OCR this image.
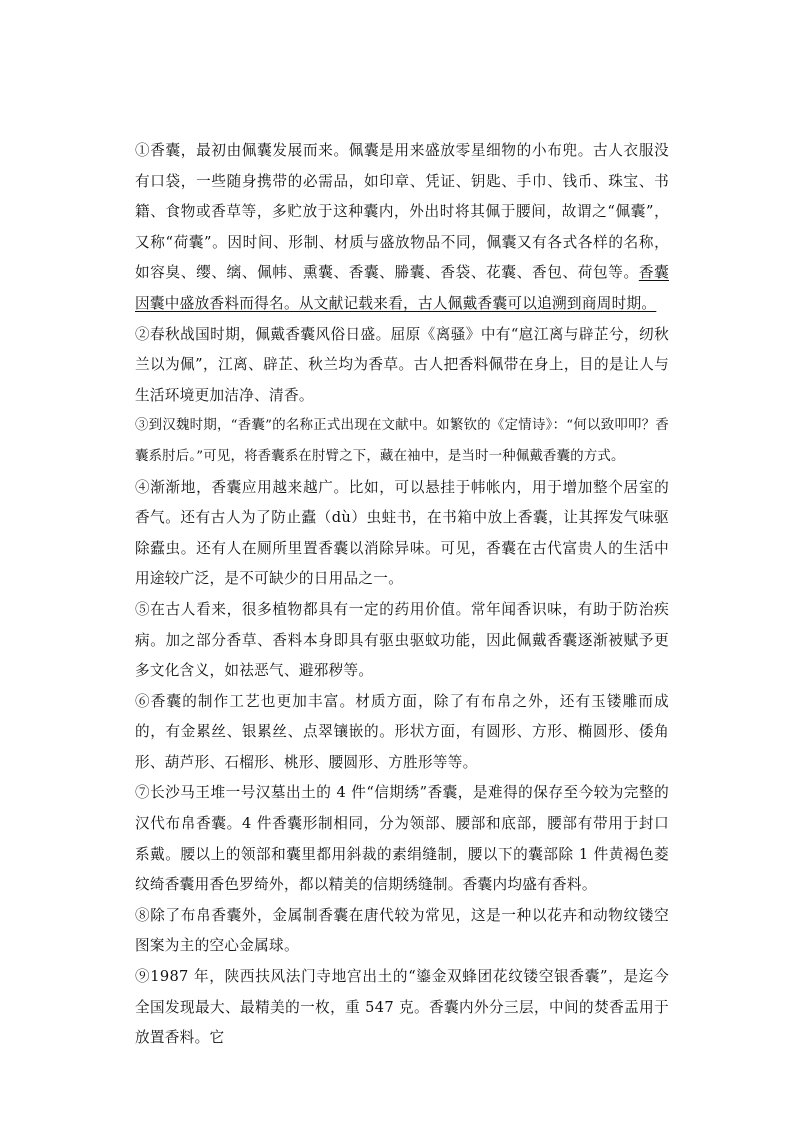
①香囊，最初由佩囊发展而来。佩囊是用来盛放零星细物的小布兜。古人衣服没有口袋，一些随身携带的必需品，如印章、凭证、钥匙、手巾、钱币、珠宝、书籍、食物或香草等，多贮放于这种囊内，外出时将其佩于腰间，故谓之“佩囊”，又称“荷囊”。因时间、形制、材质与盛放物品不同，佩囊又有各式各样的名称，如容臭、缨、缡、佩帏、熏囊、香囊、幐囊、香袋、花囊、香包、荷包等。香囊因囊中盛放香料而得名。从文献记载来看，古人佩戴香囊可以追溯到商周时期。

②春秋战国时期，佩戴香囊风俗日盛。屈原《离骚》中有“扈江离与辟芷兮，纫秋兰以为佩”，江离、辟芷、秋兰均为香草。古人把香料佩带在身上，目的是让人与生活环境更加洁净、清香。

③到汉魏时期，“香囊”的名称正式出现在文献中。如繁钦的《定情诗》：“何以致叩叩？香囊系肘后。”可见，将香囊系在肘臂之下，藏在袖中，是当时一种佩戴香囊的方式。

④渐渐地，香囊应用越来越广。比如，可以悬挂于帏帐内，用于增加整个居室的香气。还有古人为了防止蠹（dù）虫蛀书，在书箱中放上香囊，让其挥发气味驱除蠹虫。还有人在厕所里置香囊以消除异味。可见，香囊在古代富贵人的生活中用途较广泛，是不可缺少的日用品之一。

⑤在古人看来，很多植物都具有一定的药用价值。常年闻香识味，有助于防治疾病。加之部分香草、香料本身即具有驱虫驱蚊功能，因此佩戴香囊逐渐被赋予更多文化含义，如祛恶气、避邪秽等。

⑥香囊的制作工艺也更加丰富。材质方面，除了有布帛之外，还有玉镂雕而成的，有金累丝、银累丝、点翠镶嵌的。形状方面，有圆形、方形、椭圆形、倭角形、葫芦形、石榴形、桃形、腰圆形、方胜形等等。

⑦长沙马王堆一号汉墓出土的 4 件“信期绣”香囊，是难得的保存至今较为完整的汉代布帛香囊。4 件香囊形制相同，分为领部、腰部和底部，腰部有带用于封口系戴。腰以上的领部和囊里都用斜裁的素绢缝制，腰以下的囊部除 1 件黄褐色菱纹绮香囊用香色罗绮外，都以精美的信期绣缝制。香囊内均盛有香料。

⑧除了布帛香囊外，金属制香囊在唐代较为常见，这是一种以花卉和动物纹镂空图案为主的空心金属球。

⑨1987 年，陕西扶风法门寺地宫出土的“鎏金双蜂团花纹镂空银香囊”，是迄今全国发现最大、最精美的一枚，重 547 克。香囊内外分三层，中间的焚香盂用于放置香料。它
